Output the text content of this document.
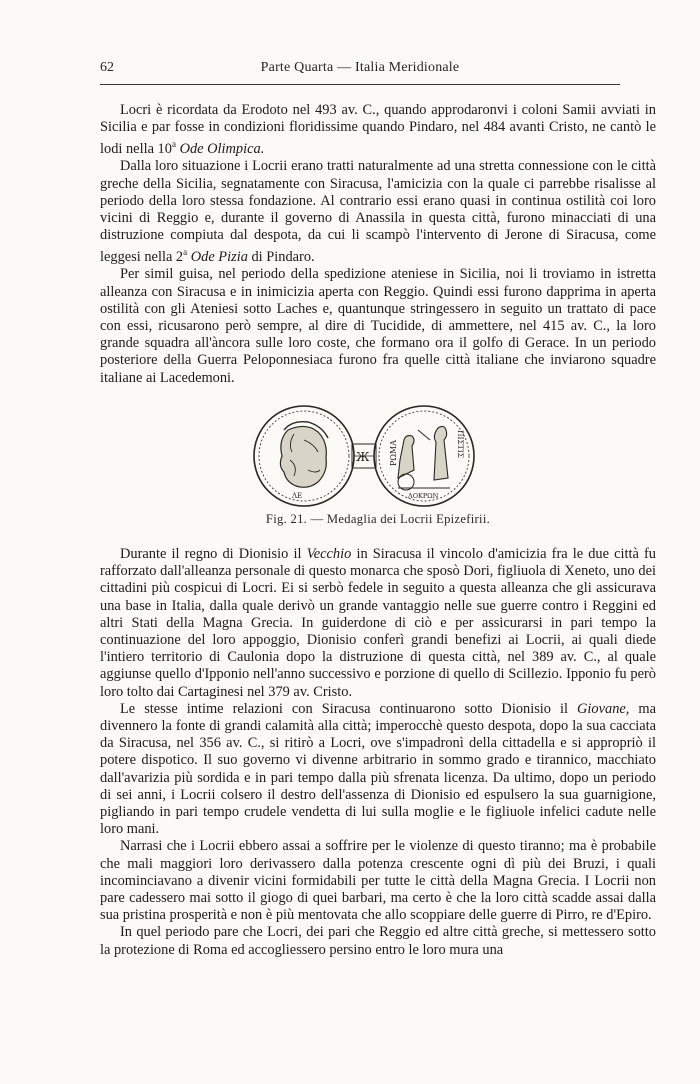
62	Parte Quarta — Italia Meridionale

Locri è ricordata da Erodoto nel 493 av. C., quando approdaronvi i coloni Samii avviati in Sicilia e par fosse in condizioni floridissime quando Pindaro, nel 484 avanti Cristo, ne cantò le lodi nella 10$^a$ Ode Olimpica.

Dalla loro situazione i Locrii erano tratti naturalmente ad una stretta connessione con le città greche della Sicilia, segnatamente con Siracusa, l'amicizia con la quale ci parrebbe risalisse al periodo della loro stessa fondazione. Al contrario essi erano quasi in continua ostilità coi loro vicini di Reggio e, durante il governo di Anassila in questa città, furono minacciati di una distruzione compiuta dal despota, da cui li scampò l'intervento di Jerone di Siracusa, come leggesi nella 2$^a$ Ode Pizia di Pindaro.

Per simil guisa, nel periodo della spedizione ateniese in Sicilia, noi li troviamo in istretta alleanza con Siracusa e in inimicizia aperta con Reggio. Quindi essi furono dapprima in aperta ostilità con gli Ateniesi sotto Laches e, quantunque stringessero in seguito un trattato di pace con essi, ricusarono però sempre, al dire di Tucidide, di ammettere, nel 415 av. C., la loro grande squadra all'àncora sulle loro coste, che formano ora il golfo di Gerace. In un periodo posteriore della Guerra Peloponnesiaca furono fra quelle città italiane che inviarono squadre italiane ai Lacedemoni.

ΛΕ
Ж ΡΩΜΑ	ΠΙΣΤΙΣ
ΛΟΚΡΩΝ
Fig. 21. — Medaglia dei Locrii Epizefirii.

Durante il regno di Dionisio il Vecchio in Siracusa il vincolo d'amicizia fra le due città fu rafforzato dall'alleanza personale di questo monarca che sposò Dori, figliuola di Xeneto, uno dei cittadini più cospicui di Locri. Ei si serbò fedele in seguito a questa alleanza che gli assicurava una base in Italia, dalla quale derivò un grande vantaggio nelle sue guerre contro i Reggini ed altri Stati della Magna Grecia. In guiderdone di ciò e per assicurarsi in pari tempo la continuazione del loro appoggio, Dionisio conferì grandi benefizi ai Locrii, ai quali diede l'intiero territorio di Caulonia dopo la distruzione di questa città, nel 389 av. C., al quale aggiunse quello d'Ipponio nell'anno successivo e porzione di quello di Scillezio. Ipponio fu però loro tolto dai Cartaginesi nel 379 av. Cristo.

Le stesse intime relazioni con Siracusa continuarono sotto Dionisio il Giovane, ma divennero la fonte di grandi calamità alla città; imperocchè questo despota, dopo la sua cacciata da Siracusa, nel 356 av. C., si ritirò a Locri, ove s'impadronì della cittadella e si appropriò il potere dispotico. Il suo governo vi divenne arbitrario in sommo grado e tirannico, macchiato dall'avarizia più sordida e in pari tempo dalla più sfrenata licenza. Da ultimo, dopo un periodo di sei anni, i Locrii colsero il destro dell'assenza di Dionisio ed espulsero la sua guarnigione, pigliando in pari tempo crudele vendetta di lui sulla moglie e le figliuole infelici cadute nelle loro mani.

Narrasi che i Locrii ebbero assai a soffrire per le violenze di questo tiranno; ma è probabile che mali maggiori loro derivassero dalla potenza crescente ogni dì più dei Bruzi, i quali incominciavano a divenir vicini formidabili per tutte le città della Magna Grecia. I Locrii non pare cadessero mai sotto il giogo di quei barbari, ma certo è che la loro città scadde assai dalla sua pristina prosperità e non è più mentovata che allo scoppiare delle guerre di Pirro, re d'Epiro.

In quel periodo pare che Locri, dei pari che Reggio ed altre città greche, si mettessero sotto la protezione di Roma ed accogliessero persino entro le loro mura una
